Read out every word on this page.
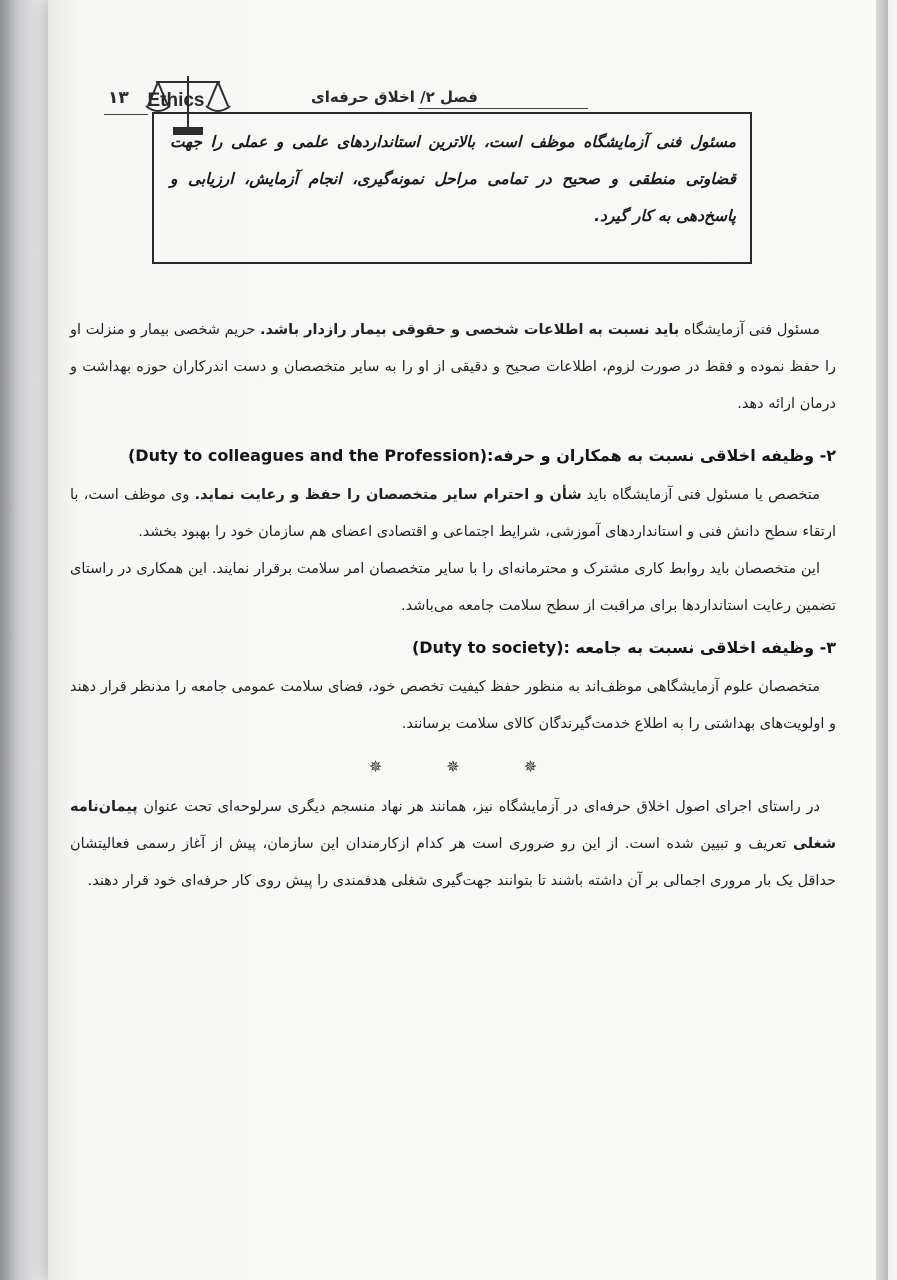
فصل ۲/ اخلاق حرفه‌ای
۱۳ Ethics

مسئول فنی آزمایشگاه موظف است، بالاترین استانداردهای علمی و عملی را جهت قضاوتی منطقی و صحیح در تمامی مراحل نمونه‌گیری، انجام آزمایش، ارزیابی و پاسخ‌دهی به کار گیرد.

مسئول فنی آزمایشگاه باید نسبت به اطلاعات شخصی و حقوقی بیمار رازدار باشد. حریم شخصی بیمار و منزلت او را حفظ نموده و فقط در صورت لزوم، اطلاعات صحیح و دقیقی از او را به سایر متخصصان و دست اندرکاران حوزه بهداشت و درمان ارائه دهد.

۲- وظیفه اخلاقی نسبت به همکاران و حرفه(Duty to colleagues and the Profession):

متخصص یا مسئول فنی آزمایشگاه باید شأن و احترام سایر متخصصان را حفظ و رعایت نماید. وی موظف است، با ارتقاء سطح دانش فنی و استانداردهای آموزشی، شرایط اجتماعی و اقتصادی اعضای هم سازمان خود را بهبود بخشد.

این متخصصان باید روابط کاری مشترک و محترمانه‌ای را با سایر متخصصان امر سلامت برقرار نمایند. این همکاری در راستای تضمین رعایت استانداردها برای مراقبت از سطح سلامت جامعه می‌باشد.

۳- وظیفه اخلاقی نسبت به جامعه (Duty to society):

متخصصان علوم آزمایشگاهی موظف‌اند به منظور حفظ کیفیت تخصص خود، فضای سلامت عمومی جامعه را مدنظر قرار دهند و اولویت‌های بهداشتی را به اطلاع خدمت‌گیرندگان کالای سلامت برسانند.

✵✵✵

در راستای اجرای اصول اخلاق حرفه‌ای در آزمایشگاه نیز، همانند هر نهاد منسجم دیگری سرلوحه‌ای تحت عنوان پیمان‌نامه شغلی تعریف و تبیین شده است. از این رو ضروری است هر کدام ازکارمندان این سازمان، پیش از آغاز رسمی فعالیتشان حداقل یک بار مروری اجمالی بر آن داشته باشند تا بتوانند جهت‌گیری شغلی هدفمندی را پیش روی کار حرفه‌ای خود قرار دهند.
